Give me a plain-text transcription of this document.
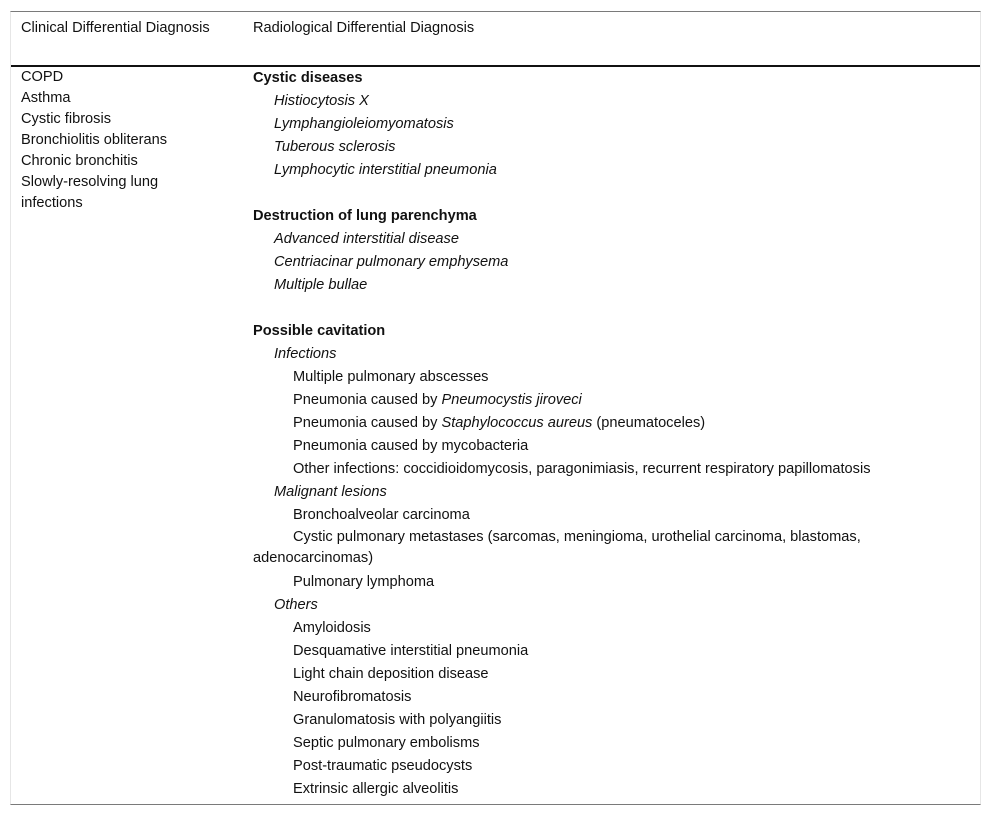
Clinical Differential Diagnosis	Radiological Differential Diagnosis
COPD
Asthma
Cystic fibrosis
Bronchiolitis obliterans
Chronic bronchitis
Slowly-resolving lung infections
Cystic diseases
Histiocytosis X
Lymphangioleiomyomatosis
Tuberous sclerosis
Lymphocytic interstitial pneumonia
Destruction of lung parenchyma
Advanced interstitial disease
Centriacinar pulmonary emphysema
Multiple bullae
Possible cavitation
Infections
Multiple pulmonary abscesses
Pneumonia caused by Pneumocystis jiroveci
Pneumonia caused by Staphylococcus aureus (pneumatoceles)
Pneumonia caused by mycobacteria
Other infections: coccidioidomycosis, paragonimiasis, recurrent respiratory papillomatosis
Malignant lesions
Bronchoalveolar carcinoma
Cystic pulmonary metastases (sarcomas, meningioma, urothelial carcinoma, blastomas, adenocarcinomas)
Pulmonary lymphoma
Others
Amyloidosis
Desquamative interstitial pneumonia
Light chain deposition disease
Neurofibromatosis
Granulomatosis with polyangiitis
Septic pulmonary embolisms
Post-traumatic pseudocysts
Extrinsic allergic alveolitis
